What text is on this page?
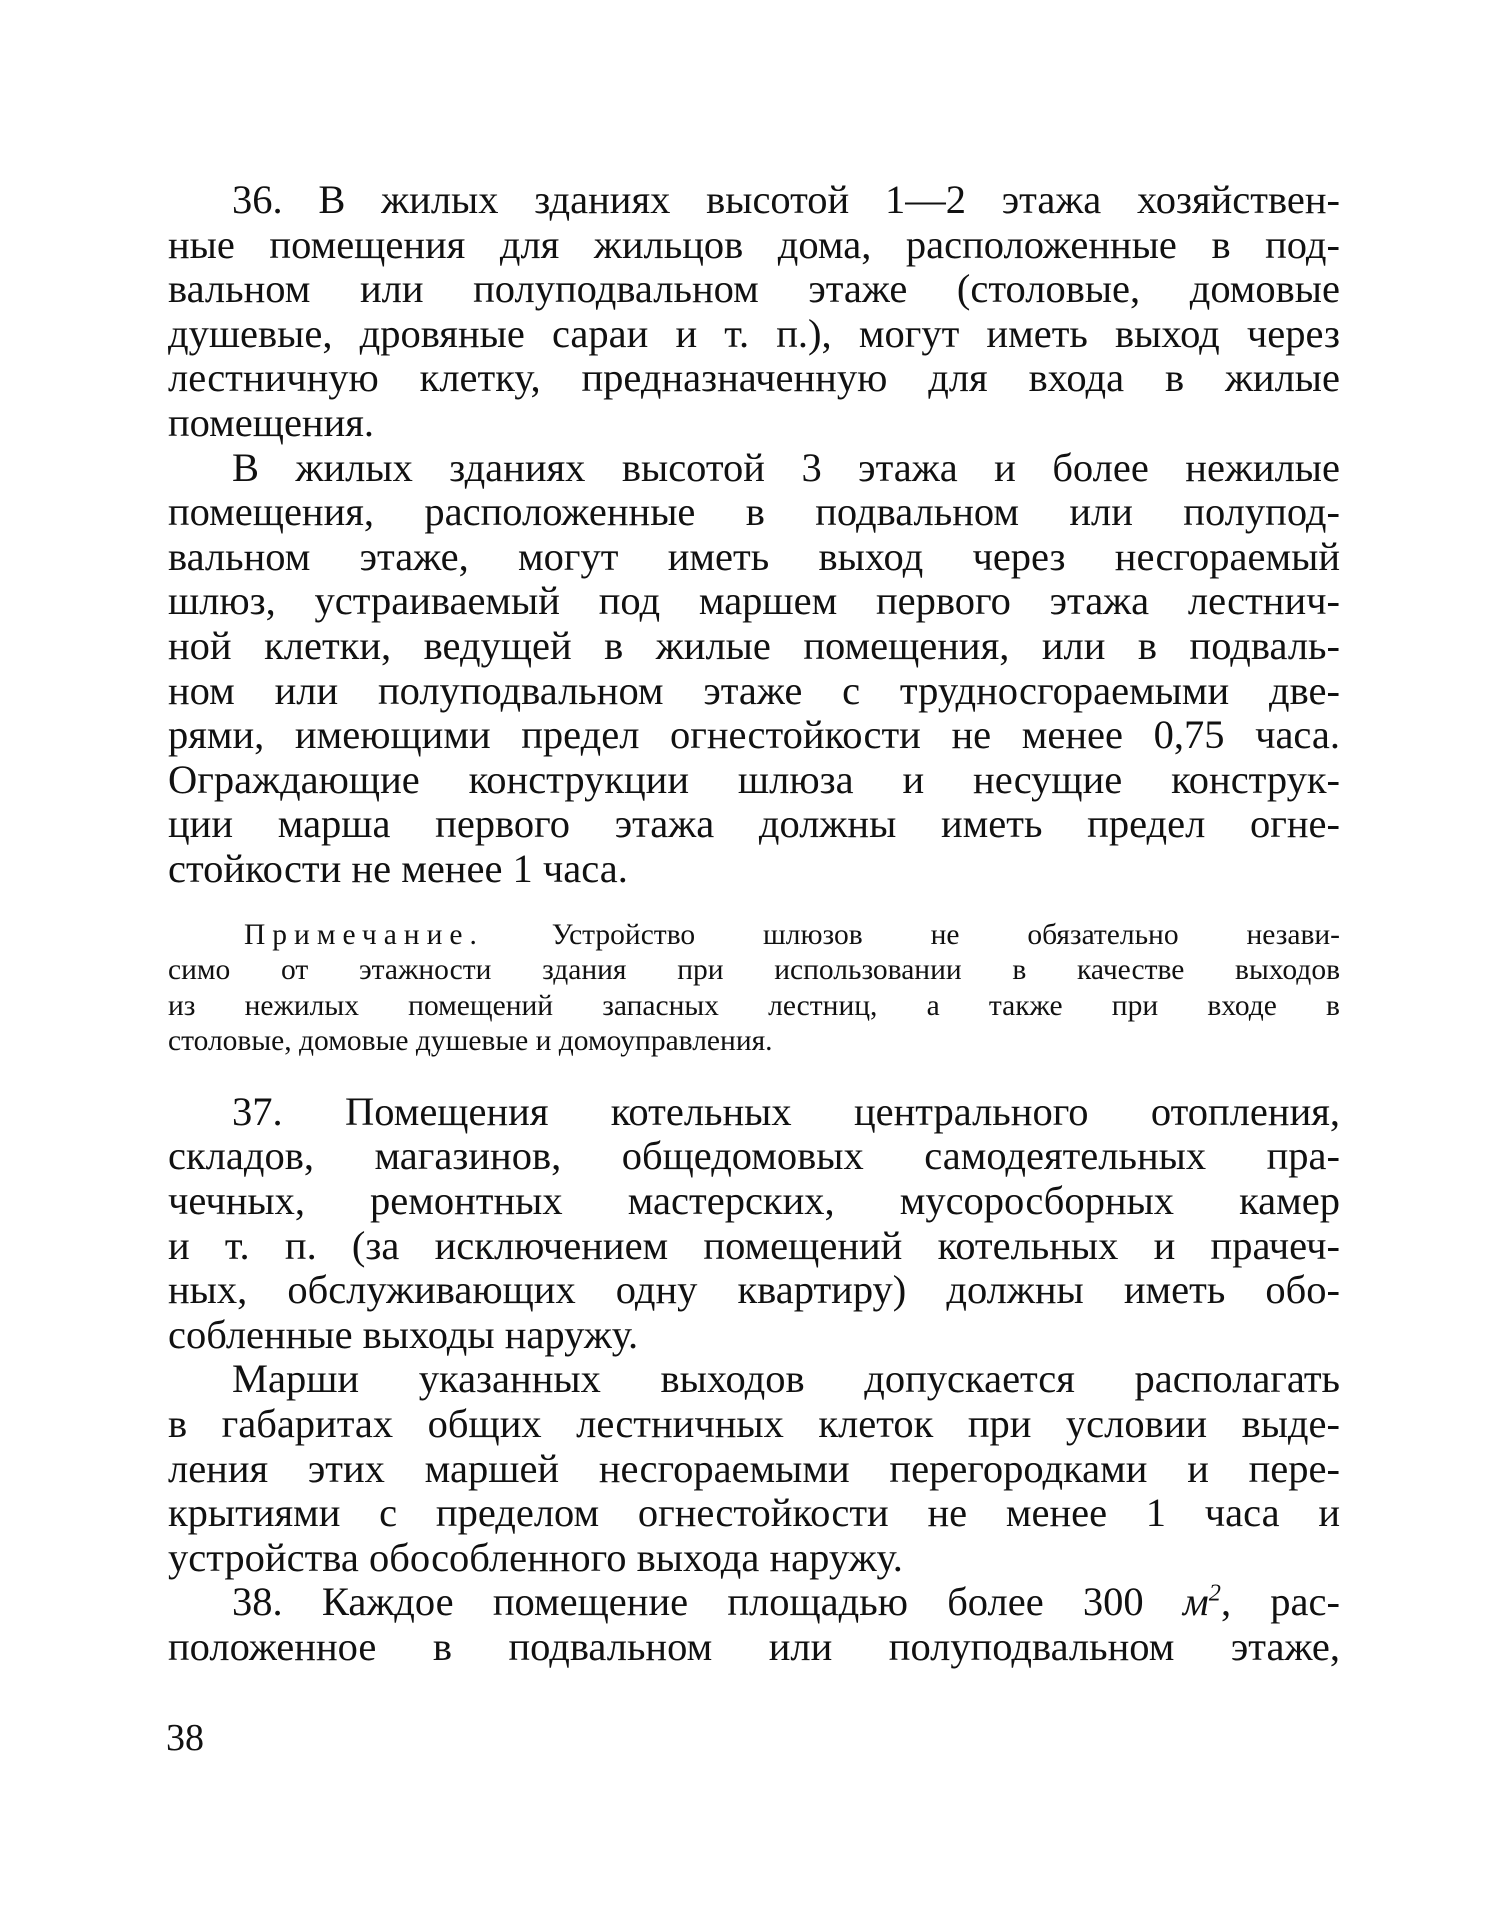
36. В жилых зданиях высотой 1—2 этажа хозяйствен-
ные помещения для жильцов дома, расположенные в под-
вальном или полуподвальном этаже (столовые, домовые
душевые, дровяные сараи и т. п.), могут иметь выход через
лестничную клетку, предназначенную для входа в жилые
помещения.
В жилых зданиях высотой 3 этажа и более нежилые
помещения, расположенные в подвальном или полупод-
вальном этаже, могут иметь выход через несгораемый
шлюз, устраиваемый под маршем первого этажа лестнич-
ной клетки, ведущей в жилые помещения, или в подваль-
ном или полуподвальном этаже с трудносгораемыми две-
рями, имеющими предел огнестойкости не менее 0,75 часа.
Ограждающие конструкции шлюза и несущие конструк-
ции марша первого этажа должны иметь предел огне-
стойкости не менее 1 часа.
Примечание. Устройство шлюзов не обязательно незави-
симо от этажности здания при использовании в качестве выходов
из нежилых помещений запасных лестниц, а также при входе в
столовые, домовые душевые и домоуправления.
37. Помещения котельных центрального отопления,
складов, магазинов, общедомовых самодеятельных пра-
чечных, ремонтных мастерских, мусоросборных камер
и т. п. (за исключением помещений котельных и прачеч-
ных, обслуживающих одну квартиру) должны иметь обо-
собленные выходы наружу.
Марши указанных выходов допускается располагать
в габаритах общих лестничных клеток при условии выде-
ления этих маршей несгораемыми перегородками и пере-
крытиями с пределом огнестойкости не менее 1 часа и
устройства обособленного выхода наружу.
38. Каждое помещение площадью более 300 $м^2$, рас-
положенное в подвальном или полуподвальном этаже,
38
